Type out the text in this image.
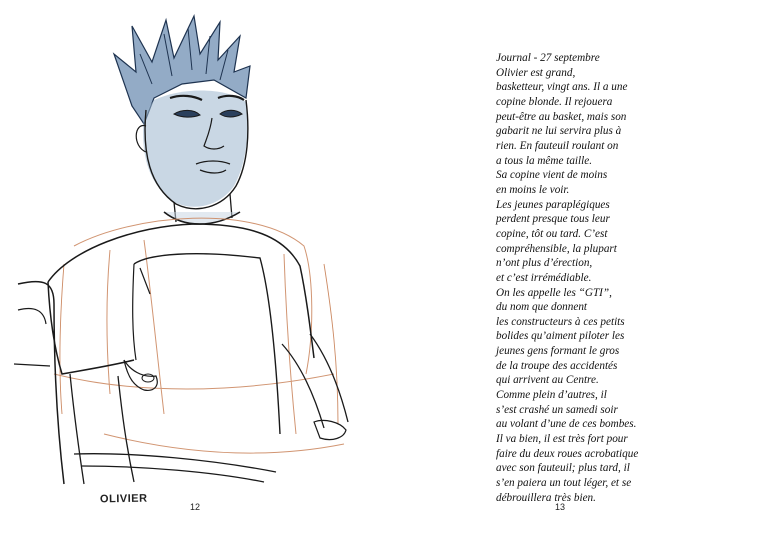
OLIVIER
12
Journal - 27 septembre
Olivier est grand,
basketteur, vingt ans. Il a une
copine blonde. Il rejouera
peut-être au basket, mais son
gabarit ne lui servira plus à
rien. En fauteuil roulant on
a tous la même taille.
Sa copine vient de moins
en moins le voir.
Les jeunes paraplégiques
perdent presque tous leur
copine, tôt ou tard. C’est
compréhensible, la plupart
n’ont plus d’érection,
et c’est irrémédiable.
On les appelle les “GTI”,
du nom que donnent
les constructeurs à ces petits
bolides qu’aiment piloter les
jeunes gens formant le gros
de la troupe des accidentés
qui arrivent au Centre.
Comme plein d’autres, il
s’est crashé un samedi soir
au volant d’une de ces bombes.
Il va bien, il est très fort pour
faire du deux roues acrobatique
avec son fauteuil; plus tard, il
s’en paiera un tout léger, et se
débrouillera très bien.
13
